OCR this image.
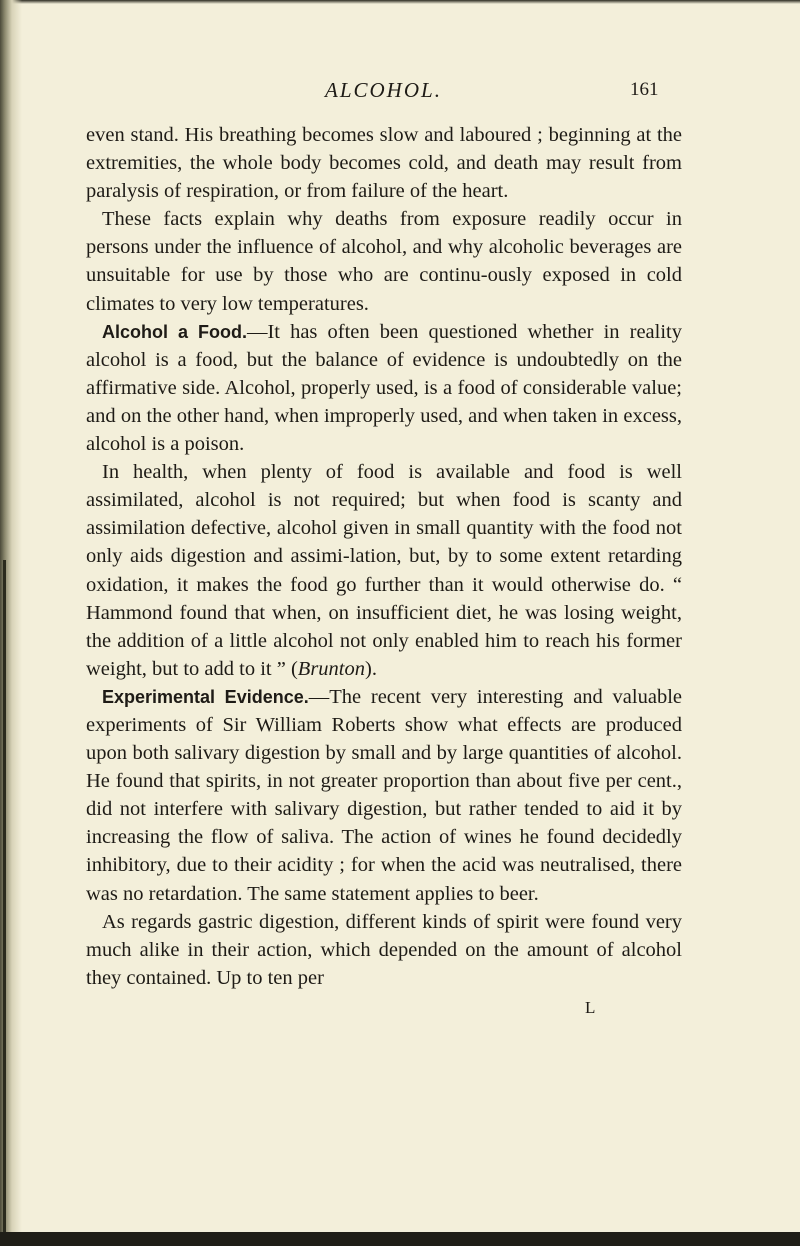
ALCOHOL.	161

even stand. His breathing becomes slow and laboured ; beginning at the extremities, the whole body becomes cold, and death may result from paralysis of respiration, or from failure of the heart.

These facts explain why deaths from exposure readily occur in persons under the influence of alcohol, and why alcoholic beverages are unsuitable for use by those who are continu-ously exposed in cold climates to very low temperatures.

Alcohol a Food.—It has often been questioned whether in reality alcohol is a food, but the balance of evidence is undoubtedly on the affirmative side. Alcohol, properly used, is a food of considerable value; and on the other hand, when improperly used, and when taken in excess, alcohol is a poison.

In health, when plenty of food is available and food is well assimilated, alcohol is not required; but when food is scanty and assimilation defective, alcohol given in small quantity with the food not only aids digestion and assimi-lation, but, by to some extent retarding oxidation, it makes the food go further than it would otherwise do. “ Hammond found that when, on insufficient diet, he was losing weight, the addition of a little alcohol not only enabled him to reach his former weight, but to add to it ” (Brunton).

Experimental Evidence.—The recent very interesting and valuable experiments of Sir William Roberts show what effects are produced upon both salivary digestion by small and by large quantities of alcohol. He found that spirits, in not greater proportion than about five per cent., did not interfere with salivary digestion, but rather tended to aid it by increasing the flow of saliva. The action of wines he found decidedly inhibitory, due to their acidity ; for when the acid was neutralised, there was no retardation. The same statement applies to beer.

As regards gastric digestion, different kinds of spirit were found very much alike in their action, which depended on the amount of alcohol they contained. Up to ten per

L
